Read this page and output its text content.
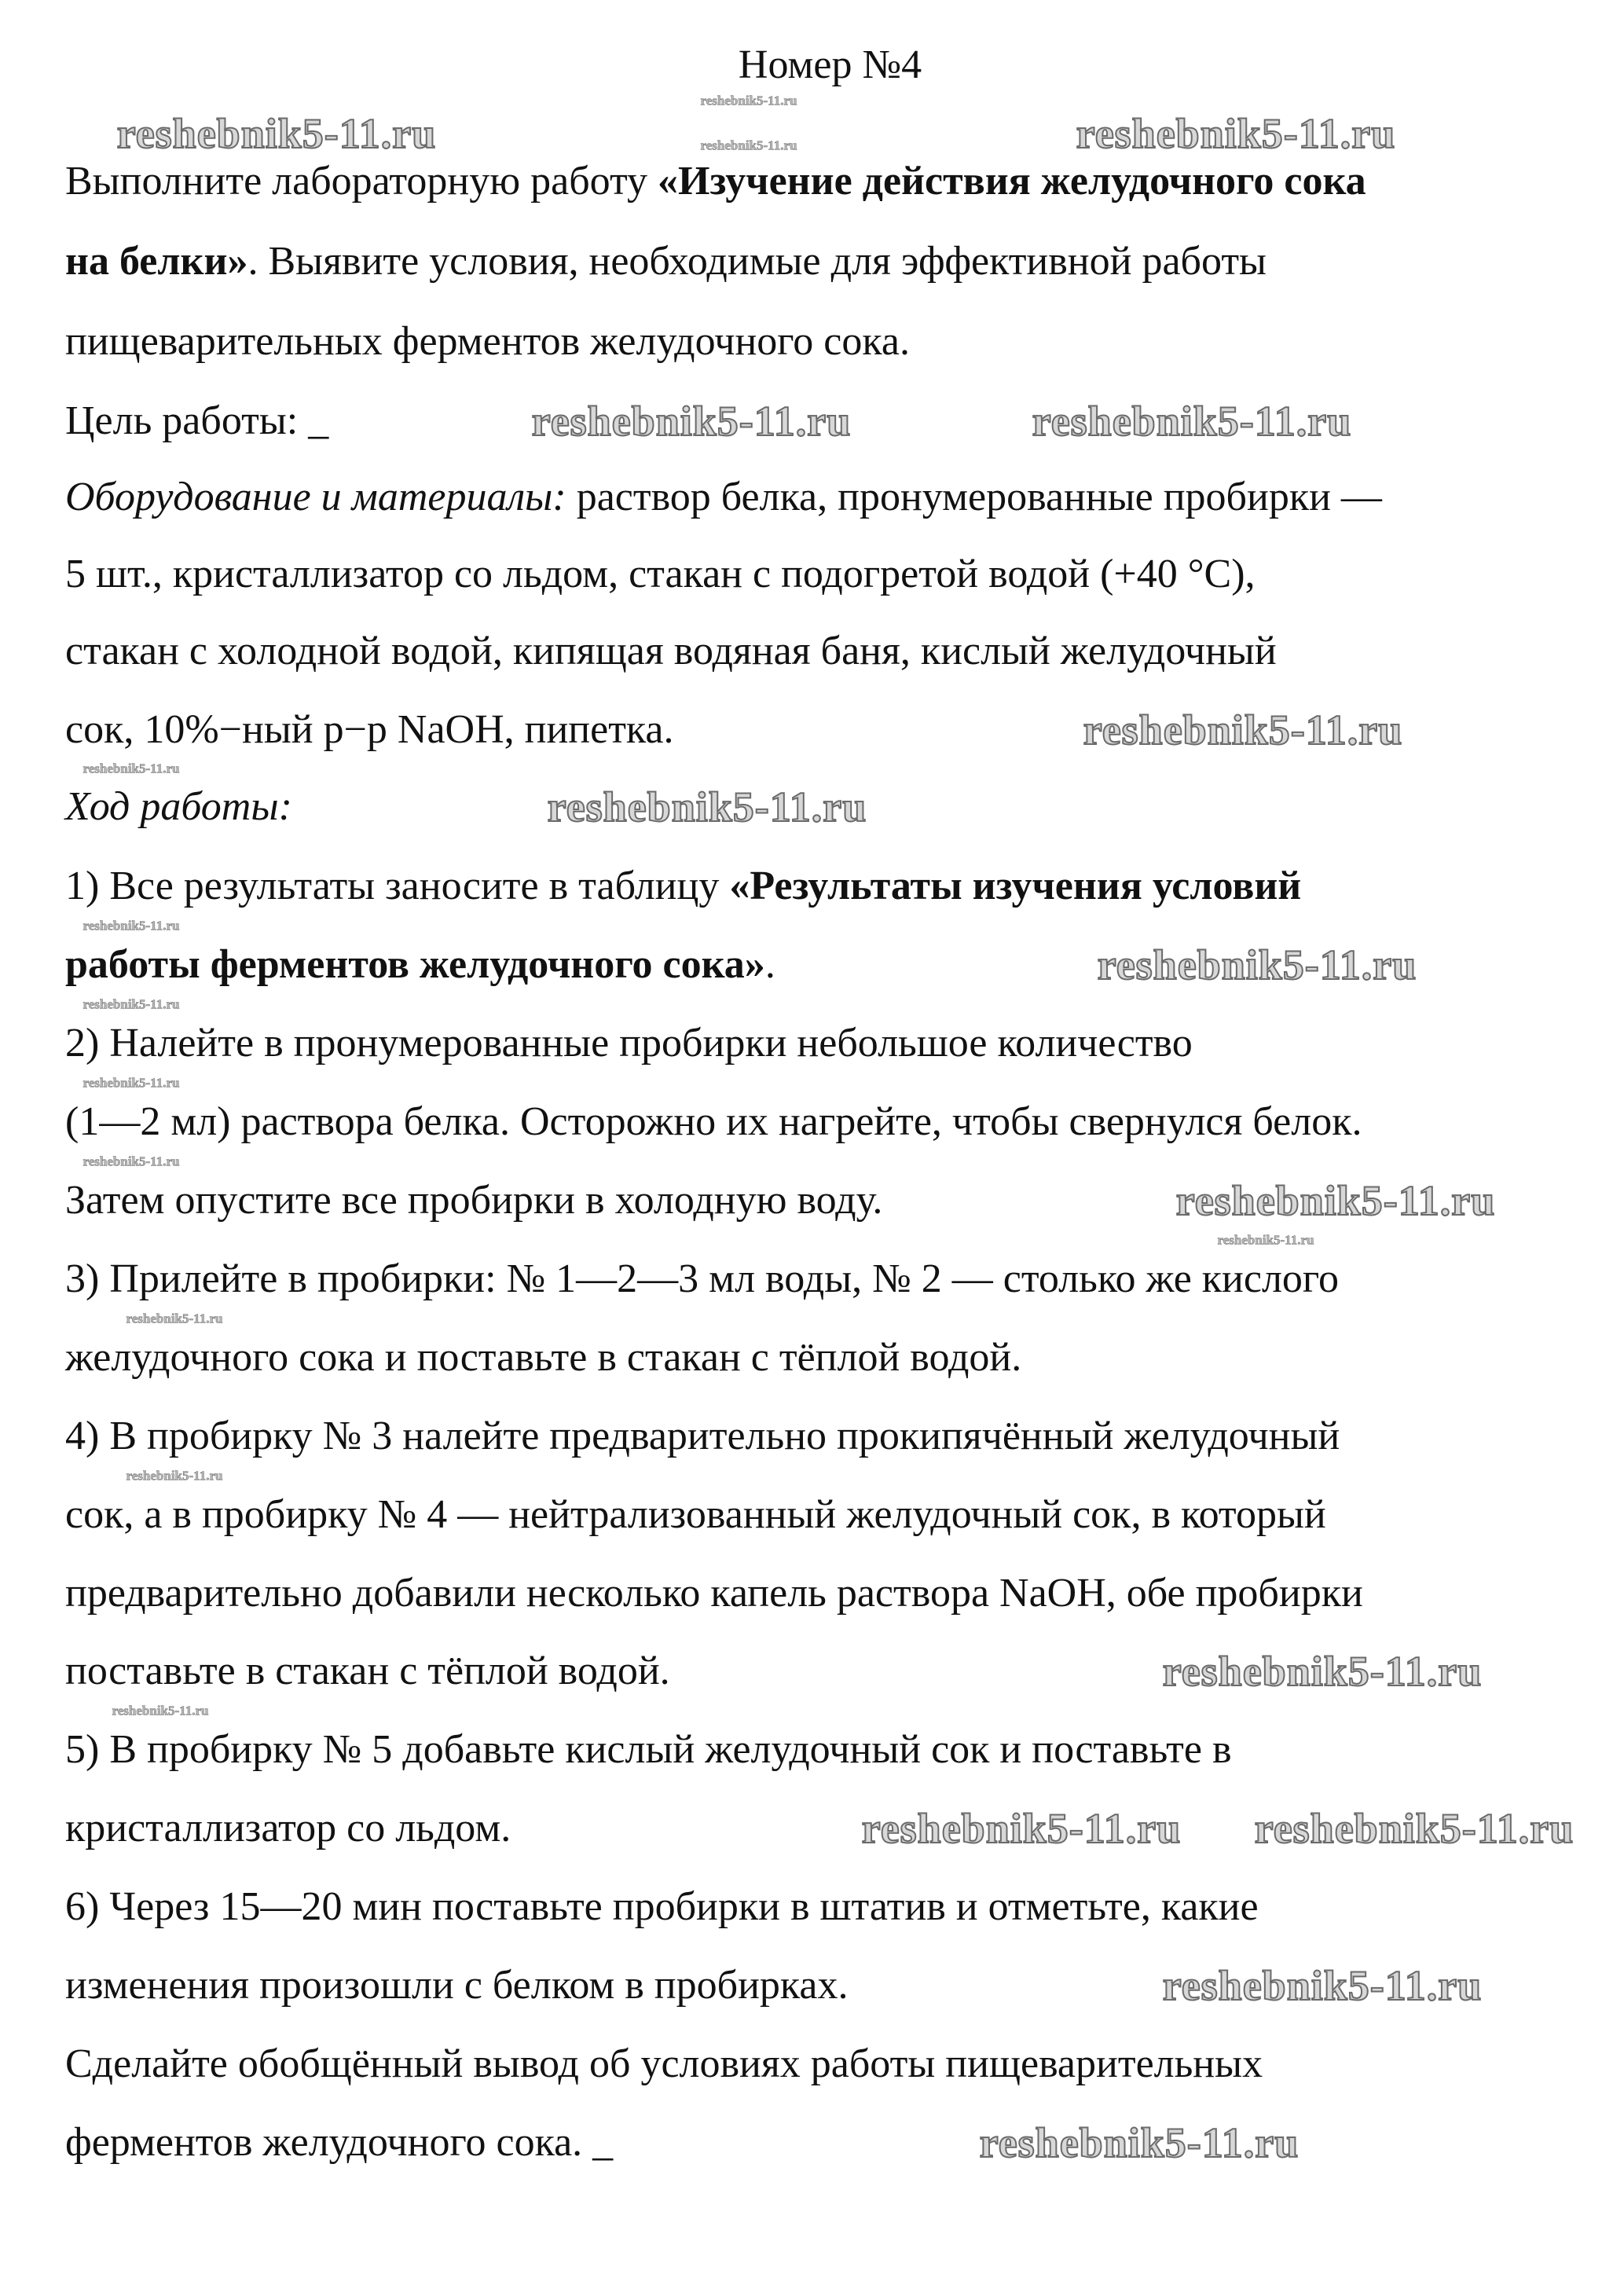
Номер №4
Выполните лабораторную работу «Изучение действия желудочного сока
на белки». Выявите условия, необходимые для эффективной работы
пищеварительных ферментов желудочного сока.
Цель работы: _
Оборудование и материалы: раствор белка, пронумерованные пробирки —
5 шт., кристаллизатор со льдом, стакан с подогретой водой (+40 °С),
стакан с холодной водой, кипящая водяная баня, кислый желудочный
сок, 10%−ный р−р NaOH, пипетка.
Ход работы:
1) Все результаты заносите в таблицу «Результаты изучения условий
работы ферментов желудочного сока».
2) Налейте в пронумерованные пробирки небольшое количество
(1—2 мл) раствора белка. Осторожно их нагрейте, чтобы свернулся белок.
Затем опустите все пробирки в холодную воду.
3) Прилейте в пробирки: № 1—2—3 мл воды, № 2 — столько же кислого
желудочного сока и поставьте в стакан с тёплой водой.
4) В пробирку № 3 налейте предварительно прокипячённый желудочный
сок, а в пробирку № 4 — нейтрализованный желудочный сок, в который
предварительно добавили несколько капель раствора NaOH, обе пробирки
поставьте в стакан с тёплой водой.
5) В пробирку № 5 добавьте кислый желудочный сок и поставьте в
кристаллизатор со льдом.
6) Через 15—20 мин поставьте пробирки в штатив и отметьте, какие
изменения произошли с белком в пробирках.
Сделайте обобщённый вывод об условиях работы пищеварительных
ферментов желудочного сока. _
reshebnik5-11.ru	reshebnik5-11.ru
reshebnik5-11.ru
reshebnik5-11.ru
reshebnik5-11.ru
reshebnik5-11.ru
reshebnik5-11.ru
reshebnik5-11.ru
reshebnik5-11.ru
reshebnik5-11.ru
reshebnik5-11.ru
reshebnik5-11.ru
reshebnik5-11.ru
reshebnik5-11.ru
reshebnik5-11.ru
reshebnik5-11.ru
reshebnik5-11.ru
reshebnik5-11.ru
reshebnik5-11.ru
reshebnik5-11.ru
reshebnik5-11.ru
reshebnik5-11.ru
reshebnik5-11.ru
reshebnik5-11.ru
